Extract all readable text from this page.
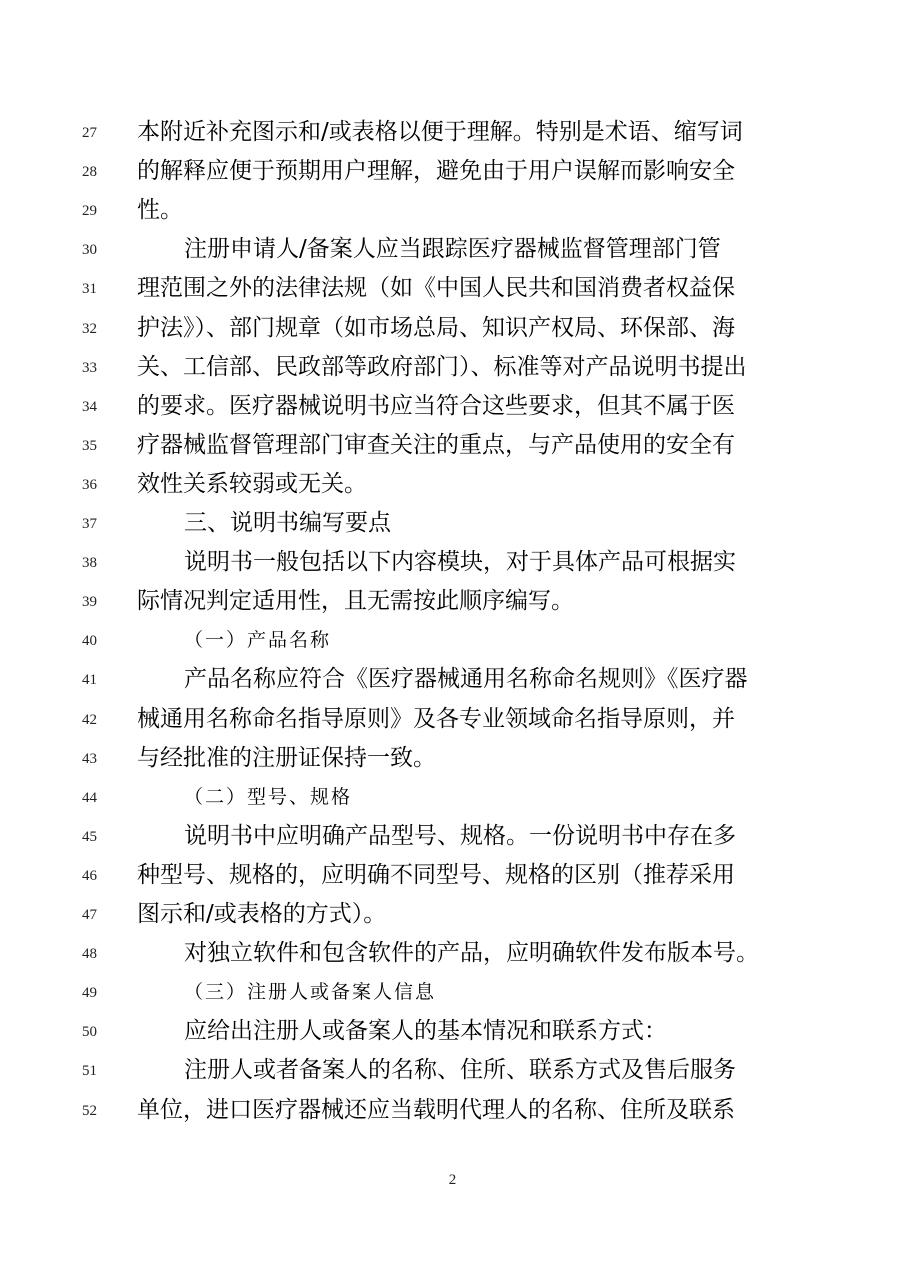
27	本附近补充图示和/或表格以便于理解。特别是术语、缩写词
28	的解释应便于预期用户理解，避免由于用户误解而影响安全
29	性。
30	注册申请人/备案人应当跟踪医疗器械监督管理部门管
31	理范围之外的法律法规（如《中国人民共和国消费者权益保
32	护法》）、部门规章（如市场总局、知识产权局、环保部、海
33	关、工信部、民政部等政府部门）、标准等对产品说明书提出
34	的要求。医疗器械说明书应当符合这些要求，但其不属于医
35	疗器械监督管理部门审查关注的重点，与产品使用的安全有
36	效性关系较弱或无关。
37	三、说明书编写要点
38	说明书一般包括以下内容模块，对于具体产品可根据实
39	际情况判定适用性，且无需按此顺序编写。
40	（一）产品名称
41	产品名称应符合《医疗器械通用名称命名规则》《医疗器
42	械通用名称命名指导原则》及各专业领域命名指导原则，并
43	与经批准的注册证保持一致。
44	（二）型号、规格
45	说明书中应明确产品型号、规格。一份说明书中存在多
46	种型号、规格的，应明确不同型号、规格的区别（推荐采用
47	图示和/或表格的方式）。
48	对独立软件和包含软件的产品，应明确软件发布版本号。
49	（三）注册人或备案人信息
50	应给出注册人或备案人的基本情况和联系方式：
51	注册人或者备案人的名称、住所、联系方式及售后服务
52	单位，进口医疗器械还应当载明代理人的名称、住所及联系
2
